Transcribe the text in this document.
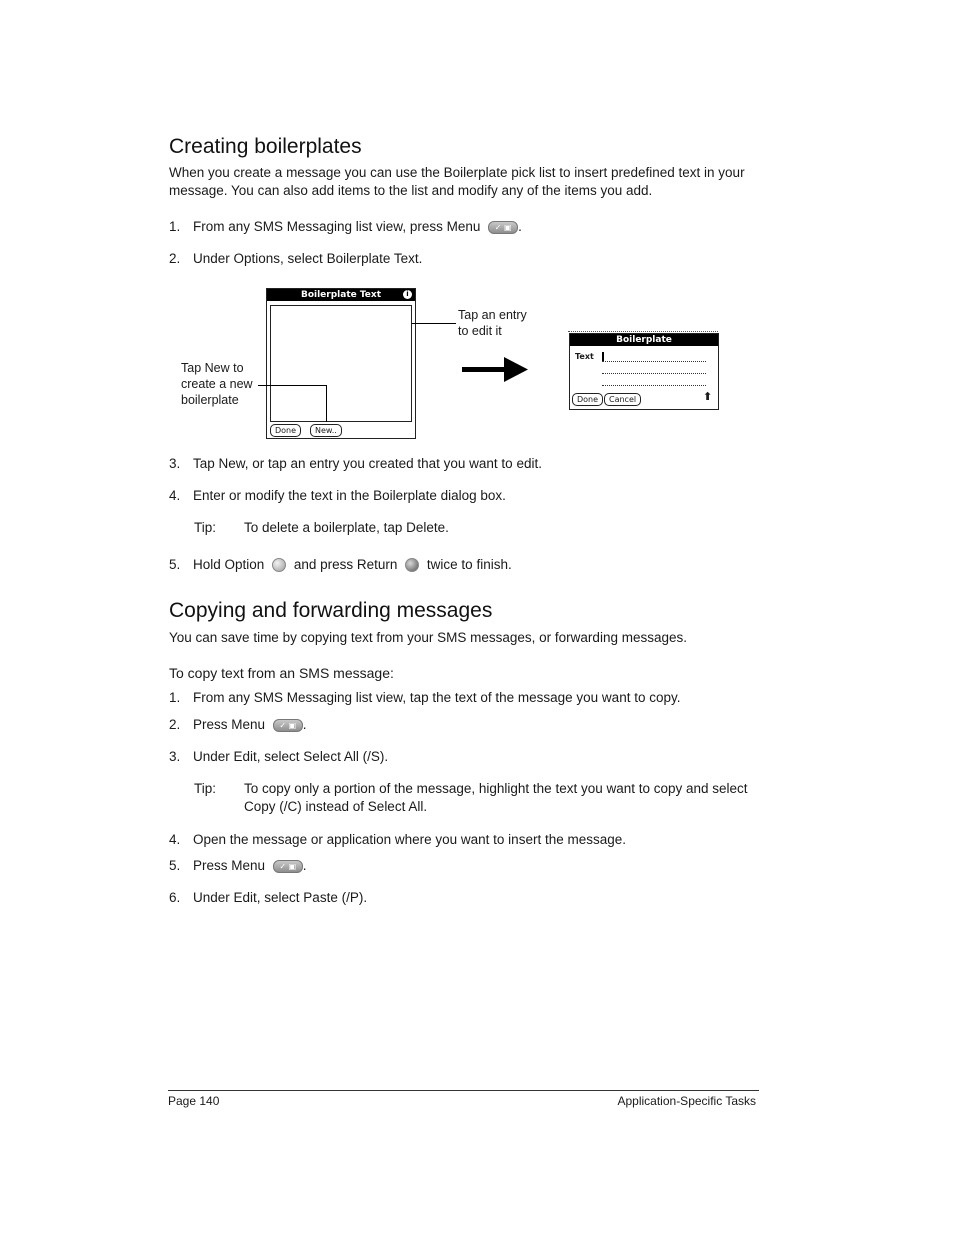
Creating boilerplates
When you create a message you can use the Boilerplate pick list to insert predefined text in your message. You can also add items to the list and modify any of the items you add.
1. From any SMS Messaging list view, press Menu ✓ ▣ .
2. Under Options, select Boilerplate Text.
Boilerplate Text	i
Done	New..
Tap an entry
to edit it
Tap New to
create a new
boilerplate
Boilerplate
Text
Done	Cancel	⬆
3. Tap New, or tap an entry you created that you want to edit.
4. Enter or modify the text in the Boilerplate dialog box.
Tip: To delete a boilerplate, tap Delete.
5. Hold Option and press Return twice to finish.
Copying and forwarding messages
You can save time by copying text from your SMS messages, or forwarding messages.
To copy text from an SMS message:
1. From any SMS Messaging list view, tap the text of the message you want to copy.
2. Press Menu ✓ ▣ .
3. Under Edit, select Select All (/S).
Tip: To copy only a portion of the message, highlight the text you want to copy and select Copy (/C) instead of Select All.
4. Open the message or application where you want to insert the message.
5. Press Menu ✓ ▣ .
6. Under Edit, select Paste (/P).
Page 140	Application-Specific Tasks
